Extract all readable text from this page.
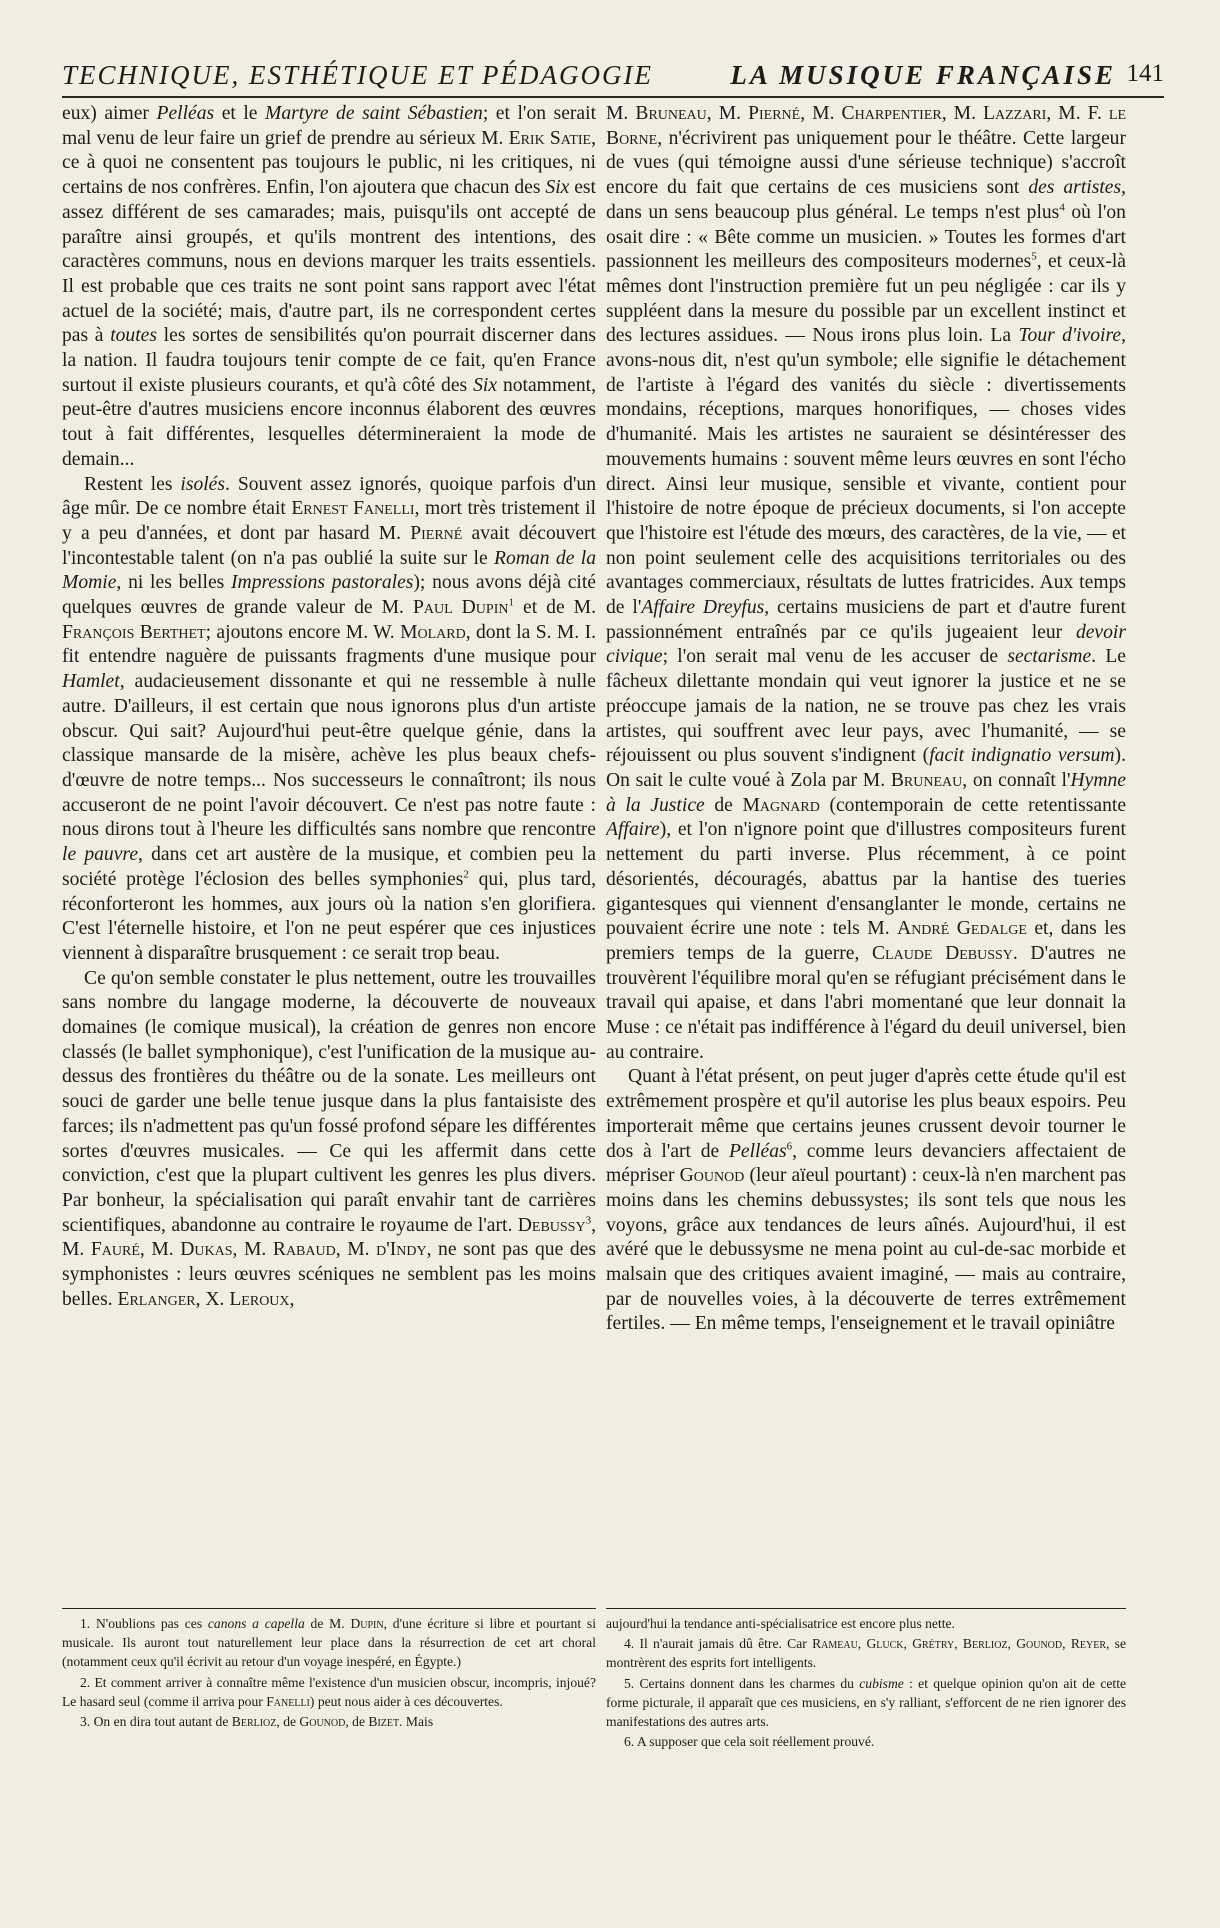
TECHNIQUE, ESTHÉTIQUE ET PÉDAGOGIE	LA MUSIQUE FRANÇAISE 141

eux) aimer Pelléas et le Martyre de saint Sébastien; et l'on serait mal venu de leur faire un grief de prendre au sérieux M. Erik Satie, ce à quoi ne consentent pas toujours le public, ni les critiques, ni certains de nos confrères. Enfin, l'on ajoutera que chacun des Six est assez différent de ses camarades; mais, puisqu'ils ont accepté de paraître ainsi groupés, et qu'ils montrent des intentions, des caractères communs, nous en devions marquer les traits essentiels. Il est probable que ces traits ne sont point sans rapport avec l'état actuel de la société; mais, d'autre part, ils ne correspondent certes pas à toutes les sortes de sensibilités qu'on pourrait discerner dans la nation. Il faudra toujours tenir compte de ce fait, qu'en France surtout il existe plusieurs courants, et qu'à côté des Six notamment, peut-être d'autres musiciens encore inconnus élaborent des œuvres tout à fait différentes, lesquelles détermineraient la mode de demain...

Restent les isolés. Souvent assez ignorés, quoique parfois d'un âge mûr. De ce nombre était Ernest Fanelli, mort très tristement il y a peu d'années, et dont par hasard M. Pierné avait découvert l'incontestable talent (on n'a pas oublié la suite sur le Roman de la Momie, ni les belles Impressions pastorales); nous avons déjà cité quelques œuvres de grande valeur de M. Paul Dupin$^1$ et de M. François Berthet; ajoutons encore M. W. Molard, dont la S. M. I. fit entendre naguère de puissants fragments d'une musique pour Hamlet, audacieusement dissonante et qui ne ressemble à nulle autre. D'ailleurs, il est certain que nous ignorons plus d'un artiste obscur. Qui sait? Aujourd'hui peut-être quelque génie, dans la classique mansarde de la misère, achève les plus beaux chefs-d'œuvre de notre temps... Nos successeurs le connaîtront; ils nous accuseront de ne point l'avoir découvert. Ce n'est pas notre faute : nous dirons tout à l'heure les difficultés sans nombre que rencontre le pauvre, dans cet art austère de la musique, et combien peu la société protège l'éclosion des belles symphonies$^2$ qui, plus tard, réconforteront les hommes, aux jours où la nation s'en glorifiera. C'est l'éternelle histoire, et l'on ne peut espérer que ces injustices viennent à disparaître brusquement : ce serait trop beau.

Ce qu'on semble constater le plus nettement, outre les trouvailles sans nombre du langage moderne, la découverte de nouveaux domaines (le comique musical), la création de genres non encore classés (le ballet symphonique), c'est l'unification de la musique au-dessus des frontières du théâtre ou de la sonate. Les meilleurs ont souci de garder une belle tenue jusque dans la plus fantaisiste des farces; ils n'admettent pas qu'un fossé profond sépare les différentes sortes d'œuvres musicales. — Ce qui les affermit dans cette conviction, c'est que la plupart cultivent les genres les plus divers. Par bonheur, la spécialisation qui paraît envahir tant de carrières scientifiques, abandonne au contraire le royaume de l'art. Debussy$^3$, M. Fauré, M. Dukas, M. Rabaud, M. d'Indy, ne sont pas que des symphonistes : leurs œuvres scéniques ne semblent pas les moins belles. Erlanger, X. Leroux,

M. Bruneau, M. Pierné, M. Charpentier, M. Lazzari, M. F. le Borne, n'écrivirent pas uniquement pour le théâtre. Cette largeur de vues (qui témoigne aussi d'une sérieuse technique) s'accroît encore du fait que certains de ces musiciens sont des artistes, dans un sens beaucoup plus général. Le temps n'est plus$^4$ où l'on osait dire : « Bête comme un musicien. » Toutes les formes d'art passionnent les meilleurs des compositeurs modernes$^5$, et ceux-là mêmes dont l'instruction première fut un peu négligée : car ils y suppléent dans la mesure du possible par un excellent instinct et des lectures assidues. — Nous irons plus loin. La Tour d'ivoire, avons-nous dit, n'est qu'un symbole; elle signifie le détachement de l'artiste à l'égard des vanités du siècle : divertissements mondains, réceptions, marques honorifiques, — choses vides d'humanité. Mais les artistes ne sauraient se désintéresser des mouvements humains : souvent même leurs œuvres en sont l'écho direct. Ainsi leur musique, sensible et vivante, contient pour l'histoire de notre époque de précieux documents, si l'on accepte que l'histoire est l'étude des mœurs, des caractères, de la vie, — et non point seulement celle des acquisitions territoriales ou des avantages commerciaux, résultats de luttes fratricides. Aux temps de l'Affaire Dreyfus, certains musiciens de part et d'autre furent passionnément entraînés par ce qu'ils jugeaient leur devoir civique; l'on serait mal venu de les accuser de sectarisme. Le fâcheux dilettante mondain qui veut ignorer la justice et ne se préoccupe jamais de la nation, ne se trouve pas chez les vrais artistes, qui souffrent avec leur pays, avec l'humanité, — se réjouissent ou plus souvent s'indignent (facit indignatio versum). On sait le culte voué à Zola par M. Bruneau, on connaît l'Hymne à la Justice de Magnard (contemporain de cette retentissante Affaire), et l'on n'ignore point que d'illustres compositeurs furent nettement du parti inverse. Plus récemment, à ce point désorientés, découragés, abattus par la hantise des tueries gigantesques qui viennent d'ensanglanter le monde, certains ne pouvaient écrire une note : tels M. André Gedalge et, dans les premiers temps de la guerre, Claude Debussy. D'autres ne trouvèrent l'équilibre moral qu'en se réfugiant précisément dans le travail qui apaise, et dans l'abri momentané que leur donnait la Muse : ce n'était pas indifférence à l'égard du deuil universel, bien au contraire.

Quant à l'état présent, on peut juger d'après cette étude qu'il est extrêmement prospère et qu'il autorise les plus beaux espoirs. Peu importerait même que certains jeunes crussent devoir tourner le dos à l'art de Pelléas$^6$, comme leurs devanciers affectaient de mépriser Gounod (leur aïeul pourtant) : ceux-là n'en marchent pas moins dans les chemins debussystes; ils sont tels que nous les voyons, grâce aux tendances de leurs aînés. Aujourd'hui, il est avéré que le debussysme ne mena point au cul-de-sac morbide et malsain que des critiques avaient imaginé, — mais au contraire, par de nouvelles voies, à la découverte de terres extrêmement fertiles. — En même temps, l'enseignement et le travail opiniâtre

1. N'oublions pas ces canons a capella de M. Dupin, d'une écriture si libre et pourtant si musicale. Ils auront tout naturellement leur place dans la résurrection de cet art choral (notamment ceux qu'il écrivit au retour d'un voyage inespéré, en Égypte.)

2. Et comment arriver à connaître même l'existence d'un musicien obscur, incompris, injoué? Le hasard seul (comme il arriva pour Fanelli) peut nous aider à ces découvertes.

3. On en dira tout autant de Berlioz, de Gounod, de Bizet. Mais

aujourd'hui la tendance anti-spécialisatrice est encore plus nette.

4. Il n'aurait jamais dû être. Car Rameau, Gluck, Grétry, Berlioz, Gounod, Reyer, se montrèrent des esprits fort intelligents.

5. Certains donnent dans les charmes du cubisme : et quelque opinion qu'on ait de cette forme picturale, il apparaît que ces musiciens, en s'y ralliant, s'efforcent de ne rien ignorer des manifestations des autres arts.

6. A supposer que cela soit réellement prouvé.
